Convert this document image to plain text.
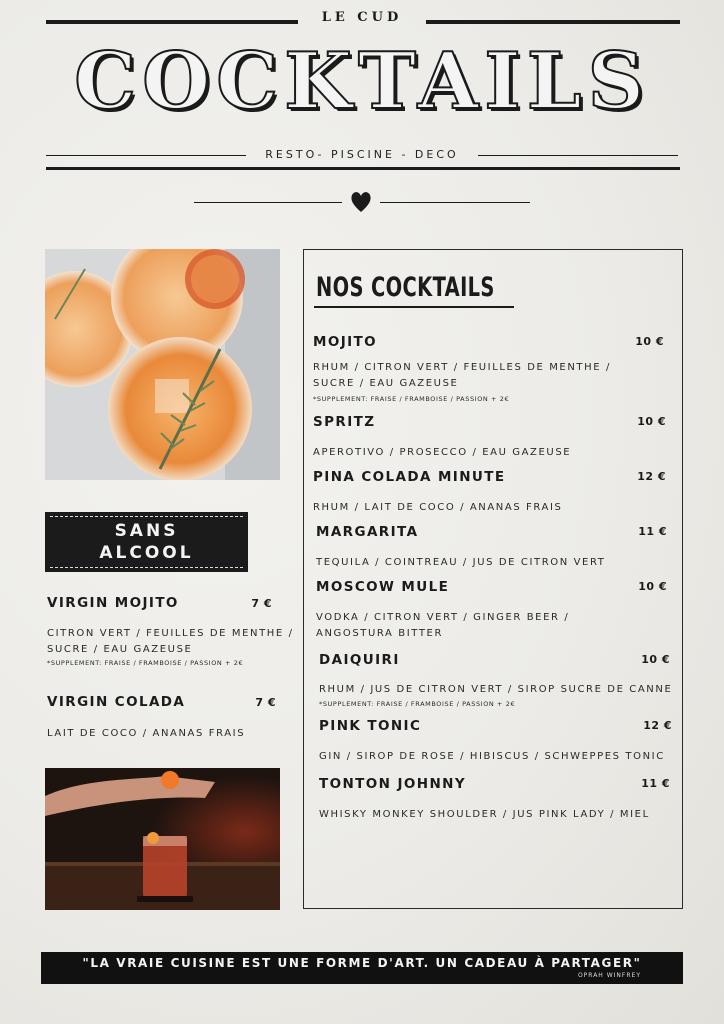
LE CUD
COCKTAILS
RESTO- PISCINE - DECO
SANS
ALCOOL
VIRGIN MOJITO	7 €
CITRON VERT / FEUILLES DE MENTHE / SUCRE / EAU GAZEUSE
*SUPPLEMENT: FRAISE / FRAMBOISE / PASSION + 2€
VIRGIN COLADA	7 €
LAIT DE COCO / ANANAS FRAIS
NOS COCKTAILS
MOJITO	10 €
RHUM / CITRON VERT / FEUILLES DE MENTHE / SUCRE / EAU GAZEUSE
*SUPPLEMENT: FRAISE / FRAMBOISE / PASSION + 2€
SPRITZ	10 €
APEROTIVO / PROSECCO / EAU GAZEUSE
PINA COLADA MINUTE	12 €
RHUM / LAIT DE COCO / ANANAS FRAIS
MARGARITA	11 €
TEQUILA / COINTREAU / JUS DE CITRON VERT
MOSCOW MULE	10 €
VODKA / CITRON VERT / GINGER BEER / ANGOSTURA BITTER
DAIQUIRI	10 €
RHUM / JUS DE CITRON VERT / SIROP SUCRE DE CANNE
*SUPPLEMENT: FRAISE / FRAMBOISE / PASSION + 2€
PINK TONIC	12 €
GIN / SIROP DE ROSE / HIBISCUS / SCHWEPPES TONIC
TONTON JOHNNY	11 €
WHISKY MONKEY SHOULDER / JUS PINK LADY / MIEL
"LA VRAIE CUISINE EST UNE FORME D'ART. UN CADEAU À PARTAGER"
OPRAH WINFREY
